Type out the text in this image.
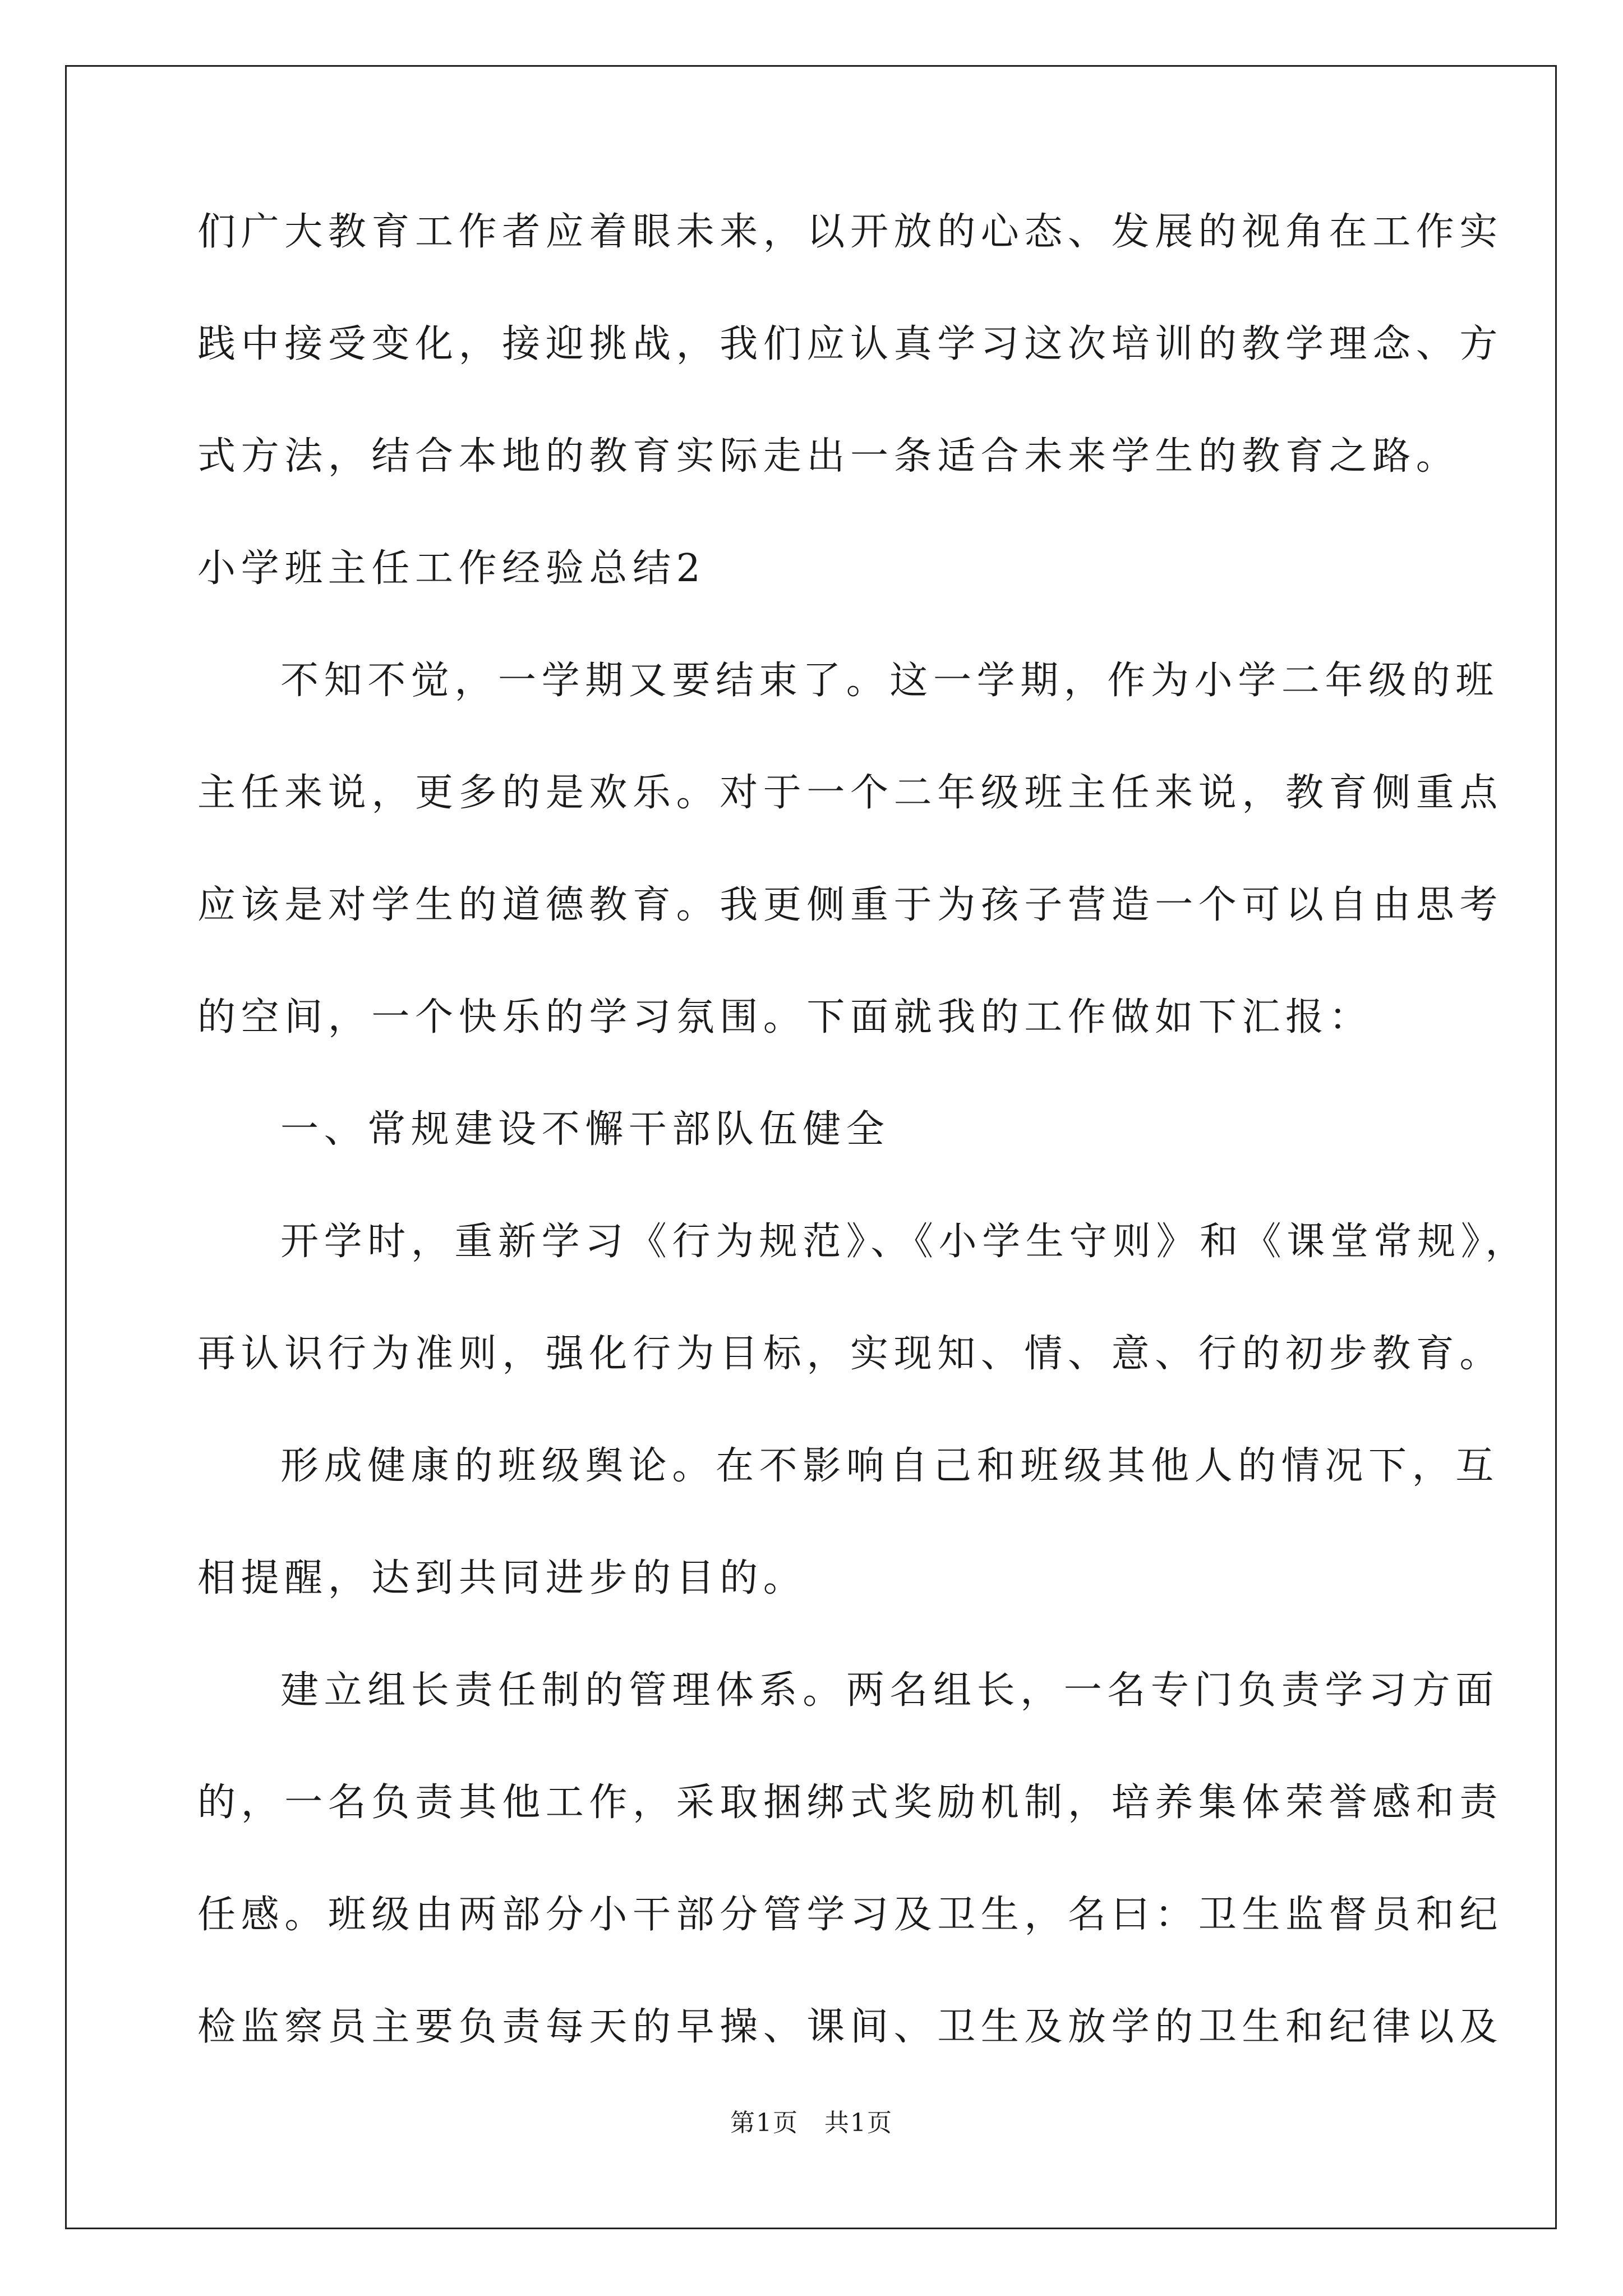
们广大教育工作者应着眼未来，以开放的心态、发展的视角在工作实
践中接受变化，接迎挑战，我们应认真学习这次培训的教学理念、方
式方法，结合本地的教育实际走出一条适合未来学生的教育之路。
小学班主任工作经验总结2
不知不觉，一学期又要结束了。这一学期，作为小学二年级的班
主任来说，更多的是欢乐。对于一个二年级班主任来说，教育侧重点
应该是对学生的道德教育。我更侧重于为孩子营造一个可以自由思考
的空间，一个快乐的学习氛围。下面就我的工作做如下汇报：
一、常规建设不懈干部队伍健全
开学时，重新学习《行为规范》、《小学生守则》和《课堂常规》，
再认识行为准则，强化行为目标，实现知、情、意、行的初步教育。
形成健康的班级舆论。在不影响自己和班级其他人的情况下，互
相提醒，达到共同进步的目的。
建立组长责任制的管理体系。两名组长，一名专门负责学习方面
的，一名负责其他工作，采取捆绑式奖励机制，培养集体荣誉感和责
任感。班级由两部分小干部分管学习及卫生，名曰：卫生监督员和纪
检监察员主要负责每天的早操、课间、卫生及放学的卫生和纪律以及
第1页　共1页
